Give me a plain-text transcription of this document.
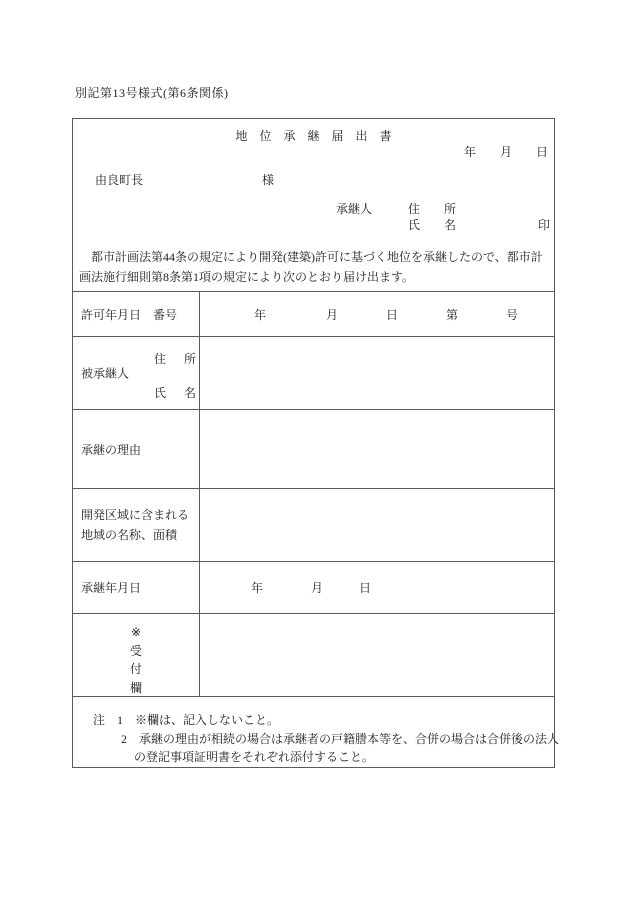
別記第13号様式(第6条関係)
地　位　承　継　届　出　書
年　　月　　日
由良町長	様
承継人　　　住　　所
氏　　名	印
　都市計画法第44条の規定により開発(建築)許可に基づく地位を承継したので、都市計
画法施行細則第8条第1項の規定により次のとおり届け出ます。
許可年月日　番号	年　　　　　月　　　　日　　　　第　　　　号
被承継人
住　所
氏　名
承継の理由
開発区域に含まれる
地域の名称、面積
承継年月日	年　　　　月　　　日
※
受
付
欄
注　1　※欄は、記入しないこと。
2　承継の理由が相続の場合は承継者の戸籍謄本等を、合併の場合は合併後の法人
の登記事項証明書をそれぞれ添付すること。
